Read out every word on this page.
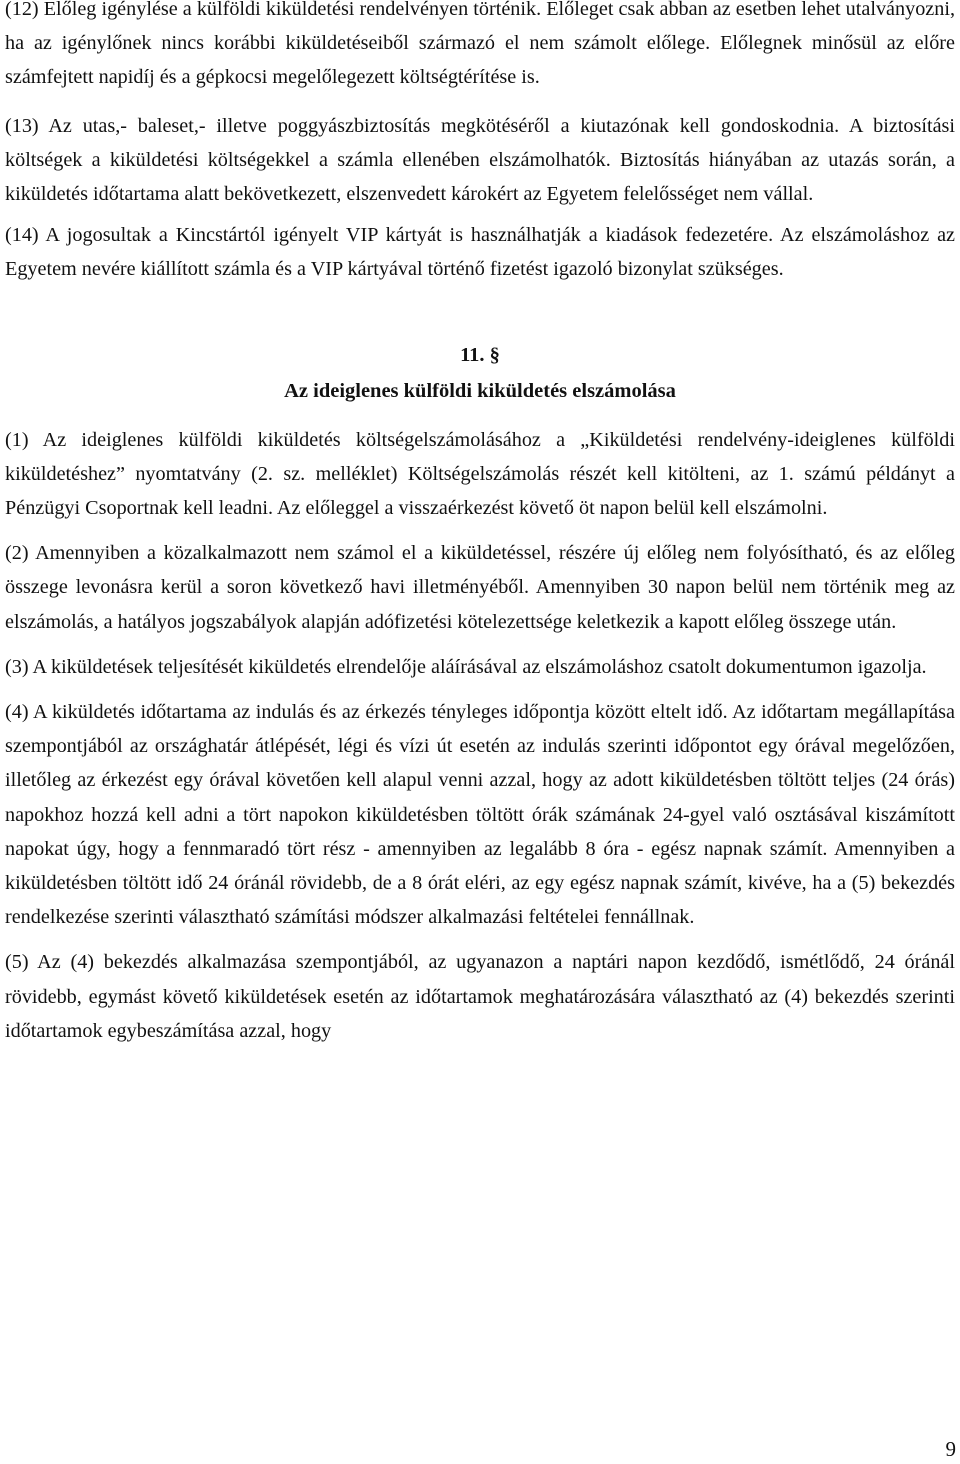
(12) Előleg igénylése a külföldi kiküldetési rendelvényen történik. Előleget csak abban az esetben lehet utalványozni, ha az igénylőnek nincs korábbi kiküldetéseiből származó el nem számolt előlege. Előlegnek minősül az előre számfejtett napidíj és a gépkocsi megelőlegezett költségtérítése is.

(13) Az utas,- baleset,- illetve poggyászbiztosítás megkötéséről a kiutazónak kell gondoskodnia. A biztosítási költségek a kiküldetési költségekkel a számla ellenében elszámolhatók. Biztosítás hiányában az utazás során, a kiküldetés időtartama alatt bekövetkezett, elszenvedett károkért az Egyetem felelősséget nem vállal.

(14) A jogosultak a Kincstártól igényelt VIP kártyát is használhatják a kiadások fedezetére. Az elszámoláshoz az Egyetem nevére kiállított számla és a VIP kártyával történő fizetést igazoló bizonylat szükséges.

11. §
Az ideiglenes külföldi kiküldetés elszámolása

(1) Az ideiglenes külföldi kiküldetés költségelszámolásához a „Kiküldetési rendelvény-ideiglenes külföldi kiküldetéshez” nyomtatvány (2. sz. melléklet) Költségelszámolás részét kell kitölteni, az 1. számú példányt a Pénzügyi Csoportnak kell leadni. Az előleggel a visszaérkezést követő öt napon belül kell elszámolni.

(2) Amennyiben a közalkalmazott nem számol el a kiküldetéssel, részére új előleg nem folyósítható, és az előleg összege levonásra kerül a soron következő havi illetményéből. Amennyiben 30 napon belül nem történik meg az elszámolás, a hatályos jogszabályok alapján adófizetési kötelezettsége keletkezik a kapott előleg összege után.

(3) A kiküldetések teljesítését kiküldetés elrendelője aláírásával az elszámoláshoz csatolt dokumentumon igazolja.

(4) A kiküldetés időtartama az indulás és az érkezés tényleges időpontja között eltelt idő. Az időtartam megállapítása szempontjából az országhatár átlépését, légi és vízi út esetén az indulás szerinti időpontot egy órával megelőzően, illetőleg az érkezést egy órával követően kell alapul venni azzal, hogy az adott kiküldetésben töltött teljes (24 órás) napokhoz hozzá kell adni a tört napokon kiküldetésben töltött órák számának 24-gyel való osztásával kiszámított napokat úgy, hogy a fennmaradó tört rész - amennyiben az legalább 8 óra - egész napnak számít. Amennyiben a kiküldetésben töltött idő 24 óránál rövidebb, de a 8 órát eléri, az egy egész napnak számít, kivéve, ha a (5) bekezdés rendelkezése szerinti választható számítási módszer alkalmazási feltételei fennállnak.

(5) Az (4) bekezdés alkalmazása szempontjából, az ugyanazon a naptári napon kezdődő, ismétlődő, 24 óránál rövidebb, egymást követő kiküldetések esetén az időtartamok meghatározására választható az (4) bekezdés szerinti időtartamok egybeszámítása azzal, hogy

9
